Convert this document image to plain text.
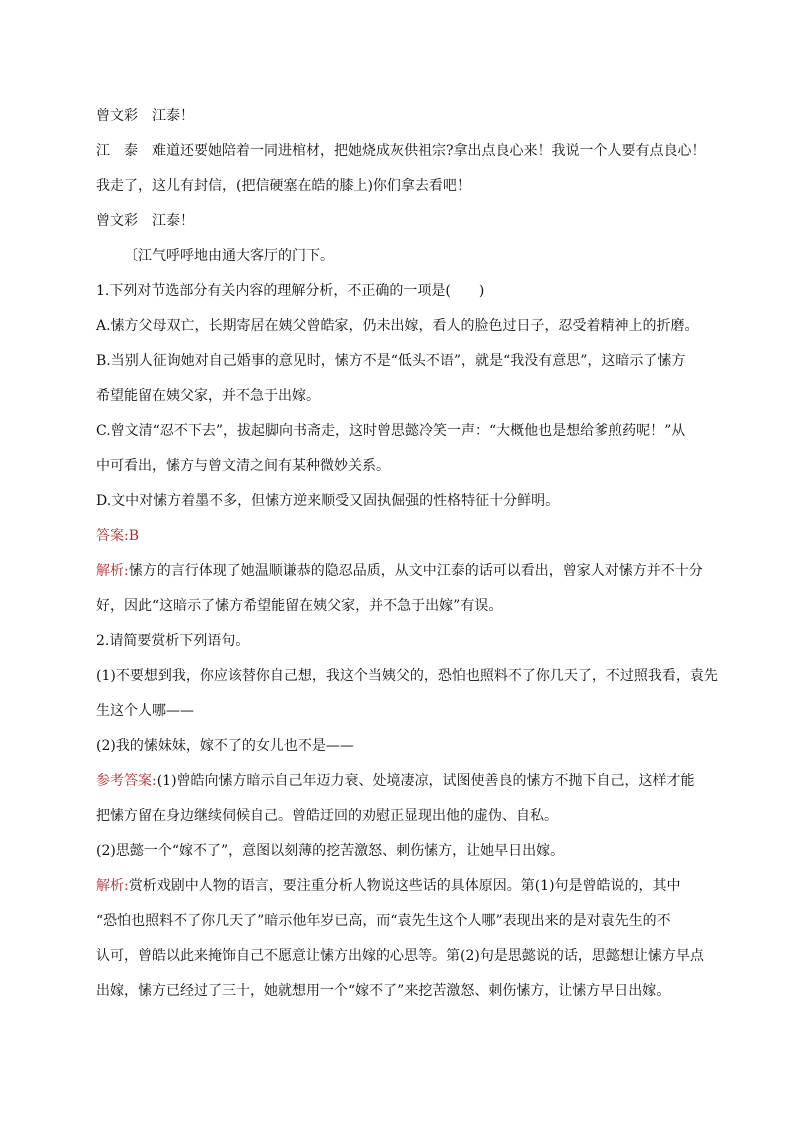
曾文彩 江泰！
江　泰 难道还要她陪着一同进棺材，把她烧成灰供祖宗?拿出点良心来！我说一个人要有点良心！
我走了，这儿有封信，(把信硬塞在皓的膝上)你们拿去看吧！
曾文彩 江泰！
〔江气呼呼地由通大客厅的门下。
1.下列对节选部分有关内容的理解分析，不正确的一项是(　　)
A.愫方父母双亡，长期寄居在姨父曾皓家，仍未出嫁，看人的脸色过日子，忍受着精神上的折磨。
B.当别人征询她对自己婚事的意见时，愫方不是“低头不语”，就是“我没有意思”，这暗示了愫方
希望能留在姨父家，并不急于出嫁。
C.曾文清“忍不下去”，拔起脚向书斋走，这时曾思懿冷笑一声：“大概他也是想给爹煎药呢！”从
中可看出，愫方与曾文清之间有某种微妙关系。
D.文中对愫方着墨不多，但愫方逆来顺受又固执倔强的性格特征十分鲜明。
答案:B
解析:愫方的言行体现了她温顺谦恭的隐忍品质，从文中江泰的话可以看出，曾家人对愫方并不十分
好，因此“这暗示了愫方希望能留在姨父家，并不急于出嫁”有误。
2.请简要赏析下列语句。
(1)不要想到我，你应该替你自己想，我这个当姨父的，恐怕也照料不了你几天了，不过照我看，袁先
生这个人哪——
(2)我的愫妹妹，嫁不了的女儿也不是——
参考答案:(1)曾皓向愫方暗示自己年迈力衰、处境凄凉，试图使善良的愫方不抛下自己，这样才能
把愫方留在身边继续伺候自己。曾皓迂回的劝慰正显现出他的虚伪、自私。
(2)思懿一个“嫁不了”，意图以刻薄的挖苦激怒、刺伤愫方，让她早日出嫁。
解析:赏析戏剧中人物的语言，要注重分析人物说这些话的具体原因。第(1)句是曾皓说的，其中
“恐怕也照料不了你几天了”暗示他年岁已高，而“袁先生这个人哪”表现出来的是对袁先生的不
认可，曾皓以此来掩饰自己不愿意让愫方出嫁的心思等。第(2)句是思懿说的话，思懿想让愫方早点
出嫁，愫方已经过了三十，她就想用一个“嫁不了”来挖苦激怒、刺伤愫方，让愫方早日出嫁。
